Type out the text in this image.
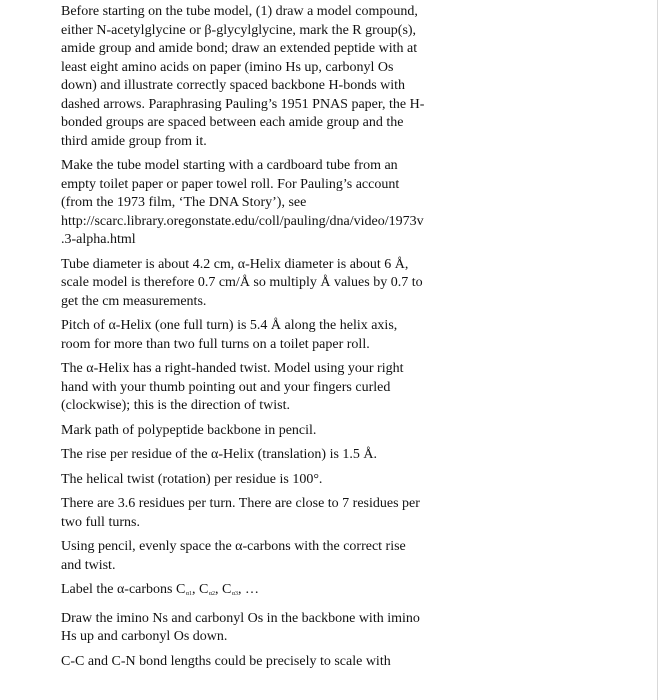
Before starting on the tube model, (1) draw a model compound,
either N-acetylglycine or β-glycylglycine, mark the R group(s),
amide group and amide bond; draw an extended peptide with at
least eight amino acids on paper (imino Hs up, carbonyl Os
down) and illustrate correctly spaced backbone H-bonds with
dashed arrows. Paraphrasing Pauling’s 1951 PNAS paper, the H-
bonded groups are spaced between each amide group and the
third amide group from it.

Make the tube model starting with a cardboard tube from an
empty toilet paper or paper towel roll. For Pauling’s account
(from the 1973 film, ‘The DNA Story’), see
http://scarc.library.oregonstate.edu/coll/pauling/dna/video/1973v
.3-alpha.html

Tube diameter is about 4.2 cm, α-Helix diameter is about 6 Å,
scale model is therefore 0.7 cm/Å so multiply Å values by 0.7 to
get the cm measurements.

Pitch of α-Helix (one full turn) is 5.4 Å along the helix axis,
room for more than two full turns on a toilet paper roll.

The α-Helix has a right-handed twist. Model using your right
hand with your thumb pointing out and your fingers curled
(clockwise); this is the direction of twist.

Mark path of polypeptide backbone in pencil.

The rise per residue of the α-Helix (translation) is 1.5 Å.

The helical twist (rotation) per residue is 100°.

There are 3.6 residues per turn. There are close to 7 residues per
two full turns.

Using pencil, evenly space the α-carbons with the correct rise
and twist.

Label the α-carbons $C_{\alpha 1}$, $C_{\alpha 2}$, $C_{\alpha 3}$, …

Draw the imino Ns and carbonyl Os in the backbone with imino
Hs up and carbonyl Os down.

C-C and C-N bond lengths could be precisely to scale with
